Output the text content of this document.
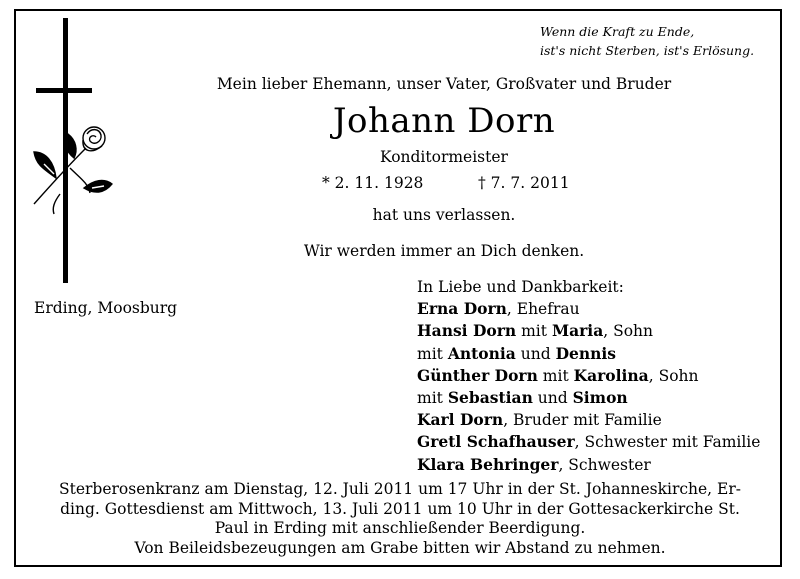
Wenn die Kraft zu Ende,
ist's nicht Sterben, ist's Erlösung.
Mein lieber Ehemann, unser Vater, Großvater und Bruder
Johann Dorn
Konditormeister
* 2. 11. 1928	† 7. 7. 2011
hat uns verlassen.
Wir werden immer an Dich denken.
Erding, Moosburg
In Liebe und Dankbarkeit:
Erna Dorn, Ehefrau
Hansi Dorn mit Maria, Sohn
mit Antonia und Dennis
Günther Dorn mit Karolina, Sohn
mit Sebastian und Simon
Karl Dorn, Bruder mit Familie
Gretl Schafhauser, Schwester mit Familie
Klara Behringer, Schwester
Sterberosenkranz am Dienstag, 12. Juli 2011 um 17 Uhr in der St. Johanneskirche, Er-
ding. Gottesdienst am Mittwoch, 13. Juli 2011 um 10 Uhr in der Gottesackerkirche St.
Paul in Erding mit anschließender Beerdigung.
Von Beileidsbezeugungen am Grabe bitten wir Abstand zu nehmen.
